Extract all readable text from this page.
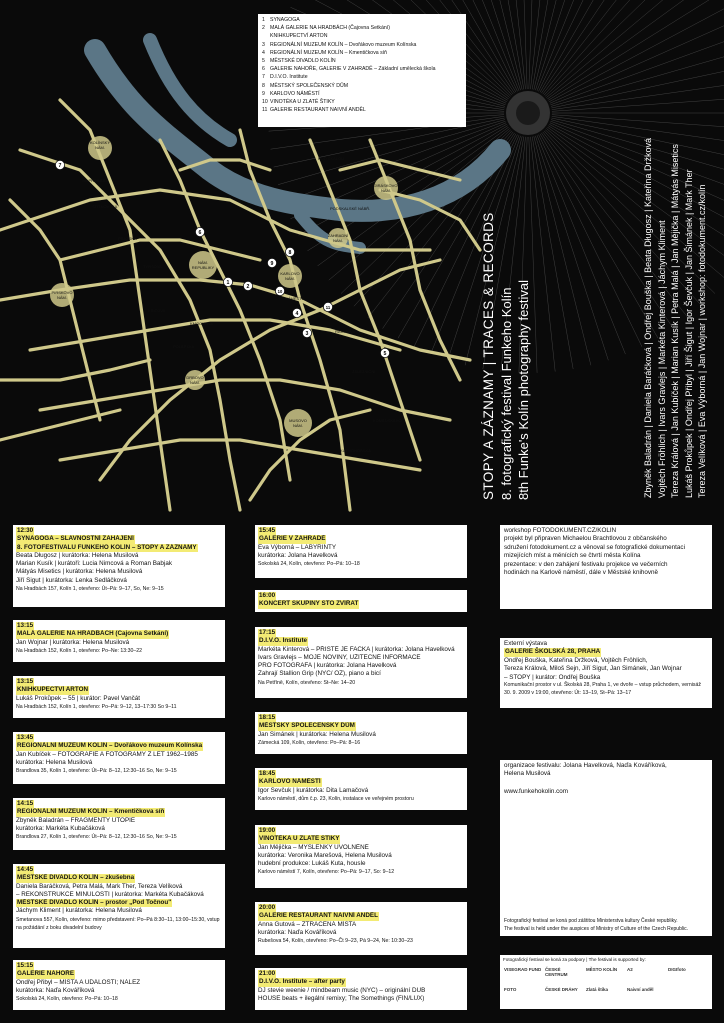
NA PŘÍHLEBI
ŠTÍTNOVSKÁ
PRAŽSKÁ
TYRŠOVA
KŘÍŽOVA
KMOCHOVA
POLEPSKÁ
POD SKALOU
PODSKALSKÉ NÁBŘ.
NÁMĚSTÍ
RATAJOVA
ŽELEZNIČNÍ
KOMENSKÉHO
KUTNOHORSKÁ
KOLÍNSKÝ NÁM.
NÁM. REPUBLIKY
KARLOVO NÁM.
ZAHRADNÍ NÁM.
JIRÁSKOVO NÁM.
PIRSKOVO NÁM.
DRBOVO NÁM.
MUSOVO NÁM.
1
2
3
4
5
6
7
8
9
10
11
1 SYNAGOGA
2 MALÁ GALERIE NA HRADBÁCH (Čajovna Setkání)
KNIHKUPECTVÍ ARTON
3 REGIONÁLNÍ MUZEUM KOLÍN – Dvořákovo muzeum Kolínska
4 REGIONÁLNÍ MUZEUM KOLÍN – Kmentičkova síň
5 MĚSTSKÉ DIVADLO KOLÍN
6 GALERIE NAHOŘE, GALERIE V ZAHRADĚ – Základní umělecká škola
7 D.I.V.O. Institute
8 MĚSTSKÝ SPOLEČENSKÝ DŮM
9 KARLOVO NÁMĚSTÍ
10 VINOTÉKA U ZLATÉ ŠTIKY
11 GALERIE RESTAURANT NAIVNÍ ANDĚL
STOPY A ZÁZNAMY | TRACES & RECORDS 8. fotografický festival Funkeho Kolín 8th Funke's Kolín photography festival	Zbyněk Baladrán | Daniela Baráčková | Ondřej Bouška | Beata Długosz | Kateřina Držková Vojtěch Fröhlich | Ivars Gravlejs | Markéta Kinterová | Jáchym Kliment Tereza Králová | Jan Kubíček | Marian Kusík | Petra Malá | Jan Mějička | Mátyás Misetics Lukáš Prokůpek | Ondřej Přibyl | Jiří Šigut | Igor Ševčuk | Jan Šimánek | Mark Ther Tereza Velíková | Eva Výborná | Jan Wojnar | workshop: fotodokument.cz/kolín
12:30
SYNAGOGA – SLAVNOSTNÍ ZAHÁJENÍ
8. FOTOFESTIVALU FUNKEHO KOLÍN – STOPY A ZÁZNAMY
Beata Długosz | kurátorka: Helena Musilová
Marian Kusík | kurátoři: Lucia Nimcová a Roman Babjak
Mátyás Misetics | kurátorka: Helena Musilová
Jiří Šigut | kurátorka: Lenka Sedláčková
Na Hradbách 157, Kolín 1, otevřeno: Út–Pá: 9–17, So, Ne: 9–15
13:15
MALÁ GALERIE NA HRADBÁCH (Čajovna Setkání)
Jan Wojnar | kurátorka: Helena Musilová
Na Hradbách 152, Kolín 1, otevřeno: Po–Ne: 13:30–22
13:15
KNIHKUPECTVÍ ARTON
Lukáš Prokůpek – 55 | kurátor: Pavel Vančát
Na Hradbách 152, Kolín 1, otevřeno: Po–Pá: 9–12, 13–17:30 So 9–11
13:45
REGIONÁLNÍ MUZEUM KOLÍN – Dvořákovo muzeum Kolínska
Jan Kubíček – FOTOGRAFIE A FOTOGRAMY Z LET 1962–1985
kurátorka: Helena Musilová
Brandlova 35, Kolín 1, otevřeno: Út–Pá: 8–12, 12:30–16 So, Ne: 9–15
14:15
REGIONÁLNÍ MUZEUM KOLÍN – Kmentičkova síň
Zbyněk Baladrán – FRAGMENTY UTOPIE
kurátorka: Markéta Kubačáková
Brandlova 27, Kolín 1, otevřeno: Út–Pá: 8–12, 12:30–16 So, Ne: 9–15
14:45
MĚSTSKÉ DIVADLO KOLÍN – zkušebna
Daniela Baráčková, Petra Malá, Mark Ther, Tereza Velíková
– REKONSTRUKCE MINULOSTI | kurátorka: Markéta Kubačáková
MĚSTSKÉ DIVADLO KOLÍN – prostor „Pod Točnou"
Jáchym Kliment | kurátorka: Helena Musilová
Smetanova 557, Kolín, otevřeno: mimo představení: Po–Pá 8:30–11, 13:00–15:30, vstup na požádání z boku divadelní budovy
15:15
GALERIE NAHOŘE
Ondřej Přibyl – MÍSTA A UDÁLOSTI; NÁLEZ
kurátorka: Naďa Kováříková
Sokolská 24, Kolín, otevřeno: Po–Pá: 10–18
15:45
GALERIE V ZAHRADĚ
Eva Výborná – LABYRINTY
kurátorka: Jolana Havelková
Sokolská 24, Kolín, otevřeno: Po–Pá: 10–18
16:00
KONCERT SKUPINY STO ZVÍŘAT
17:15
D.I.V.O. Institute
Markéta Kinterová – PŘIŠTĚ JE FACKA | kurátorka: Jolana Havelková
Ivars Gravlejs – MOJE NOVINY, UŽITEČNÉ INFORMACE
PRO FOTOGRAFA | kurátorka: Jolana Havelková
Zahrají Stallion Grip (NYC/ OZ), piano a bicí
Na Petříně, Kolín, otevřeno: St–Ne: 14–20
18:15
MĚSTSKÝ SPOLEČENSKÝ DŮM
Jan Šimánek | kurátorka: Helena Musilová
Zámecká 109, Kolín, otevřeno: Po–Pá: 8–16
18:45
KARLOVO NÁMĚSTÍ
Igor Ševčuk | kurátorka: Dita Lamačová
Karlovo náměstí, dům č.p. 23, Kolín, instalace ve veřejném prostoru
19:00
VINOTÉKA U ZLATÉ ŠTIKY
Jan Mějička – MYŠLENKY UVOLNĚNÉ
kurátorka: Veronika Marešová, Helena Musilová
hudební produkce: Lukáš Kuta, housle
Karlovo náměstí 7, Kolín, otevřeno: Po–Pá: 9–17, So: 9–12
20:00
GALERIE RESTAURANT NAIVNÍ ANDĚL
Anna Gutová – ZTRACENÁ MÍSTA
kurátorka: Naďa Kováříková
Rubešova 54, Kolín, otevřeno: Po–Čt 9–23, Pá 9–24, Ne: 10:30–23
21:00
D.I.V.O. Institute – after party
DJ stevie weenie / mindbeam music (NYC) – originální DUB
HOUSE beats + ilegální remixy; The Somethings (FIN/LUX)
workshop FOTODOKUMENT.CZ/KOLIN
projekt byl připraven Michaelou Brachtlovou z občanského
sdružení fotodokument.cz a věnoval se fotografické dokumentaci
mizejících míst a měnících se čtvrtí města Kolína
prezentace: v den zahájení festivalu projekce ve večerních
hodinách na Karlově náměstí, dále v Městské knihovně
Externí výstava
GALERIE ŠKOLSKÁ 28, PRAHA
Ondřej Bouška, Kateřina Držková, Vojtěch Fröhlich,
Tereza Králová, Miloš Šejn, Jiří Šigut, Jan Šimánek, Jan Wojnar
– STOPY | kurátor: Ondřej Bouška
Komunikační prostor v ul. Školská 28, Praha 1, ve dvoře – vstup průchodem, vernisáž 30. 9. 2009 v 19:00, otevřeno: Út: 13–19, St–Pá: 13–17
organizace festivalu: Jolana Havelková, Naďa Kováříková,
Helena Musilová
www.funkeho​kolin.com
Fotografický festival se koná pod záštitou Ministerstva kultury České republiky.
The festival is held under the auspices of Ministry of Culture of the Czech Republic.
Fotografický festival se koná za podpory | The festival is supported by:
VISEGRAD FUND ČESKÉ CENTRUM
MĚSTO KOLÍN	A2	DIGIfoto
FOTO	ČESKÉ DRÁHY	Zlatá štika	Naivní anděl
